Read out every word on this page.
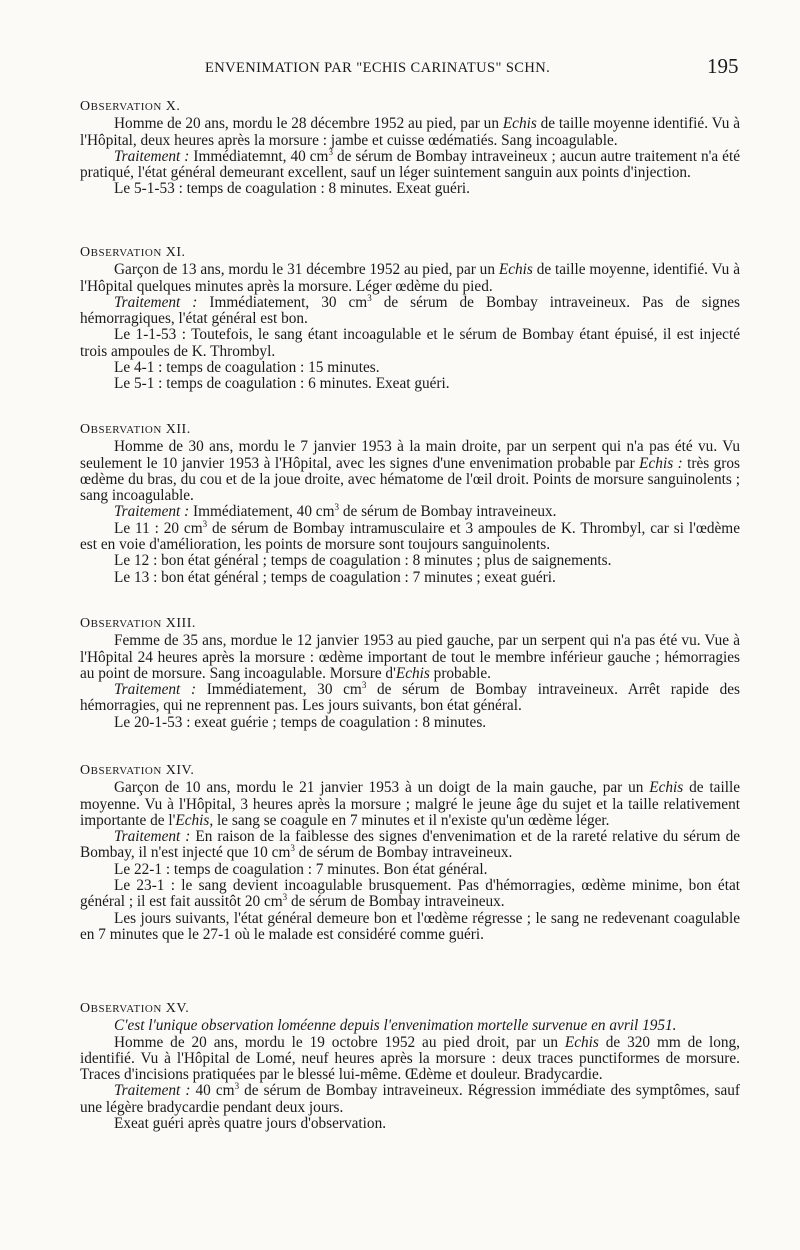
ENVENIMATION PAR "ECHIS CARINATUS" SCHN.	195
OBSERVATION X.

Homme de 20 ans, mordu le 28 décembre 1952 au pied, par un Echis de taille moyenne identifié. Vu à l'Hôpital, deux heures après la morsure : jambe et cuisse œdématiés. Sang incoagulable.

Traitement : Immédiatemnt, 40 $cm^3$ de sérum de Bombay intraveineux ; aucun autre traitement n'a été pratiqué, l'état général demeurant excellent, sauf un léger suintement sanguin aux points d'injection.

Le 5-1-53 : temps de coagulation : 8 minutes. Exeat guéri.

OBSERVATION XI.

Garçon de 13 ans, mordu le 31 décembre 1952 au pied, par un Echis de taille moyenne, identifié. Vu à l'Hôpital quelques minutes après la morsure. Léger œdème du pied.

Traitement : Immédiatement, 30 $cm^3$ de sérum de Bombay intraveineux. Pas de signes hémorragiques, l'état général est bon.

Le 1-1-53 : Toutefois, le sang étant incoagulable et le sérum de Bombay étant épuisé, il est injecté trois ampoules de K. Thrombyl.

Le 4-1 : temps de coagulation : 15 minutes.

Le 5-1 : temps de coagulation : 6 minutes. Exeat guéri.

OBSERVATION XII.

Homme de 30 ans, mordu le 7 janvier 1953 à la main droite, par un serpent qui n'a pas été vu. Vu seulement le 10 janvier 1953 à l'Hôpital, avec les signes d'une envenimation probable par Echis : très gros œdème du bras, du cou et de la joue droite, avec hématome de l'œil droit. Points de morsure sanguinolents ; sang incoagulable.

Traitement : Immédiatement, 40 $cm^3$ de sérum de Bombay intraveineux.

Le 11 : 20 $cm^3$ de sérum de Bombay intramusculaire et 3 ampoules de K. Thrombyl, car si l'œdème est en voie d'amélioration, les points de morsure sont toujours sanguinolents.

Le 12 : bon état général ; temps de coagulation : 8 minutes ; plus de saignements.

Le 13 : bon état général ; temps de coagulation : 7 minutes ; exeat guéri.

OBSERVATION XIII.

Femme de 35 ans, mordue le 12 janvier 1953 au pied gauche, par un serpent qui n'a pas été vu. Vue à l'Hôpital 24 heures après la morsure : œdème important de tout le membre inférieur gauche ; hémorragies au point de morsure. Sang incoagulable. Morsure d'Echis probable.

Traitement : Immédiatement, 30 $cm^3$ de sérum de Bombay intraveineux. Arrêt rapide des hémorragies, qui ne reprennent pas. Les jours suivants, bon état général.

Le 20-1-53 : exeat guérie ; temps de coagulation : 8 minutes.

OBSERVATION XIV.

Garçon de 10 ans, mordu le 21 janvier 1953 à un doigt de la main gauche, par un Echis de taille moyenne. Vu à l'Hôpital, 3 heures après la morsure ; malgré le jeune âge du sujet et la taille relativement importante de l'Echis, le sang se coagule en 7 minutes et il n'existe qu'un œdème léger.

Traitement : En raison de la faiblesse des signes d'envenimation et de la rareté relative du sérum de Bombay, il n'est injecté que 10 $cm^3$ de sérum de Bombay intraveineux.

Le 22-1 : temps de coagulation : 7 minutes. Bon état général.

Le 23-1 : le sang devient incoagulable brusquement. Pas d'hémorragies, œdème minime, bon état général ; il est fait aussitôt 20 $cm^3$ de sérum de Bombay intraveineux.

Les jours suivants, l'état général demeure bon et l'œdème régresse ; le sang ne redevenant coagulable en 7 minutes que le 27-1 où le malade est considéré comme guéri.

OBSERVATION XV.

C'est l'unique observation loméenne depuis l'envenimation mortelle survenue en avril 1951.

Homme de 20 ans, mordu le 19 octobre 1952 au pied droit, par un Echis de 320 mm de long, identifié. Vu à l'Hôpital de Lomé, neuf heures après la morsure : deux traces punctiformes de morsure. Traces d'incisions pratiquées par le blessé lui-même. Œdème et douleur. Bradycardie.

Traitement : 40 $cm^3$ de sérum de Bombay intraveineux. Régression immédiate des symptômes, sauf une légère bradycardie pendant deux jours.

Exeat guéri après quatre jours d'observation.
